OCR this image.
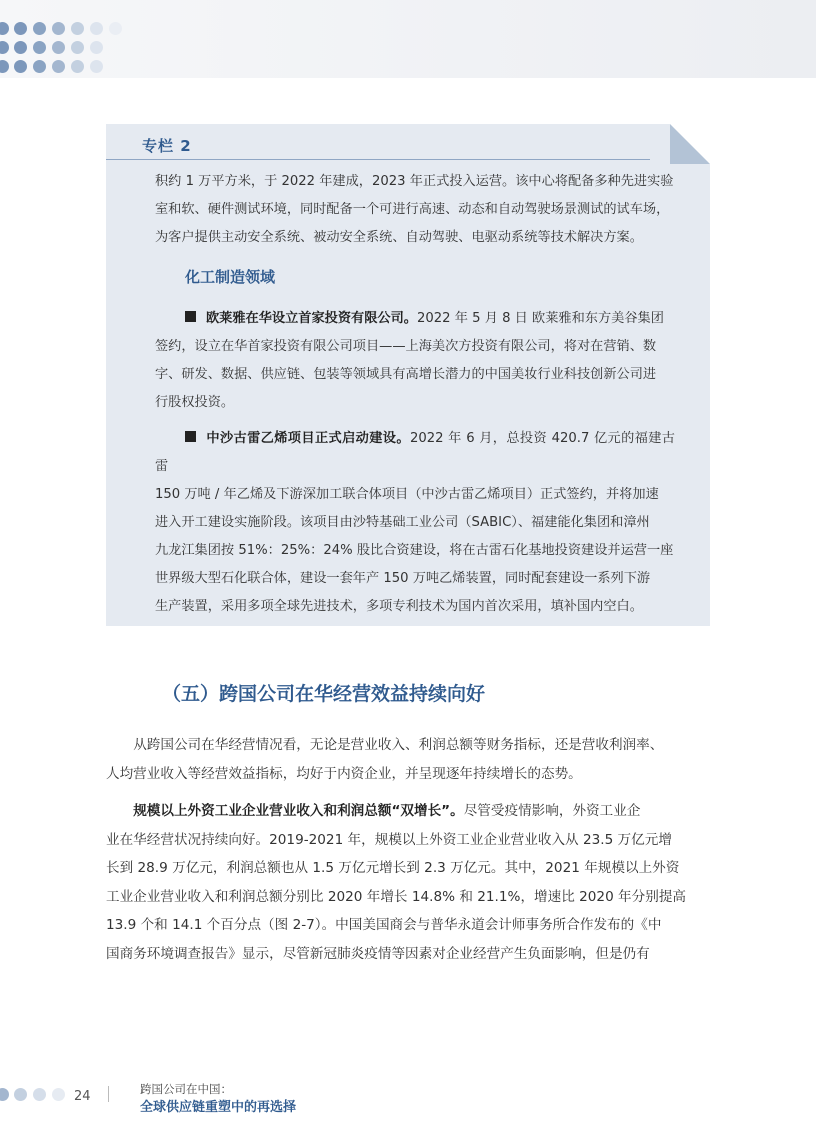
专栏 2

积约 1 万平方米，于 2022 年建成，2023 年正式投入运营。该中心将配备多种先进实验

室和软、硬件测试环境，同时配备一个可进行高速、动态和自动驾驶场景测试的试车场，

为客户提供主动安全系统、被动安全系统、自动驾驶、电驱动系统等技术解决方案。

化工制造领域

欧莱雅在华设立首家投资有限公司。2022 年 5 月 8 日 欧莱雅和东方美谷集团

签约，设立在华首家投资有限公司项目——上海美次方投资有限公司，将对在营销、数

字、研发、数据、供应链、包装等领域具有高增长潜力的中国美妆行业科技创新公司进

行股权投资。

中沙古雷乙烯项目正式启动建设。2022 年 6 月，总投资 420.7 亿元的福建古雷

150 万吨 / 年乙烯及下游深加工联合体项目（中沙古雷乙烯项目）正式签约，并将加速

进入开工建设实施阶段。该项目由沙特基础工业公司（SABIC）、福建能化集团和漳州

九龙江集团按 51%：25%：24% 股比合资建设，将在古雷石化基地投资建设并运营一座

世界级大型石化联合体，建设一套年产 150 万吨乙烯装置，同时配套建设一系列下游

生产装置，采用多项全球先进技术，多项专利技术为国内首次采用，填补国内空白。

（五）跨国公司在华经营效益持续向好

从跨国公司在华经营情况看，无论是营业收入、利润总额等财务指标，还是营收利润率、

人均营业收入等经营效益指标，均好于内资企业，并呈现逐年持续增长的态势。

规模以上外资工业企业营业收入和利润总额“双增长”。尽管受疫情影响，外资工业企

业在华经营状况持续向好。2019-2021 年，规模以上外资工业企业营业收入从 23.5 万亿元增

长到 28.9 万亿元，利润总额也从 1.5 万亿元增长到 2.3 万亿元。其中，2021 年规模以上外资

工业企业营业收入和利润总额分别比 2020 年增长 14.8% 和 21.1%，增速比 2020 年分别提高

13.9 个和 14.1 个百分点（图 2-7）。中国美国商会与普华永道会计师事务所合作发布的《中

国商务环境调查报告》显示，尽管新冠肺炎疫情等因素对企业经营产生负面影响，但是仍有

24	跨国公司在中国：
全球供应链重塑中的再选择
